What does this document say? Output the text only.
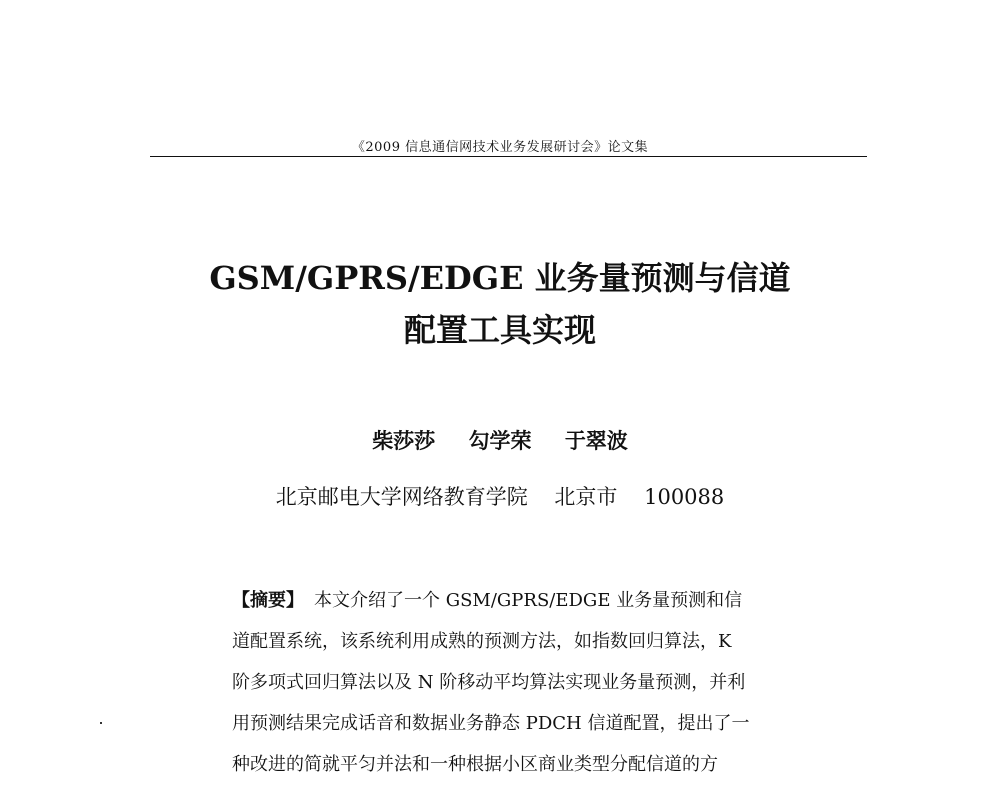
《2009 信息通信网技术业务发展研讨会》论文集
GSM/GPRS/EDGE 业务量预测与信道
配置工具实现
柴莎莎 勾学荣 于翠波
北京邮电大学网络教育学院 北京市 100088
【摘要】 本文介绍了一个 GSM/GPRS/EDGE 业务量预测和信
道配置系统，该系统利用成熟的预测方法，如指数回归算法，K
阶多项式回归算法以及 N 阶移动平均算法实现业务量预测，并利
用预测结果完成话音和数据业务静态 PDCH 信道配置，提出了一
种改进的简就平匀并法和一种根据小区商业类型分配信道的方
